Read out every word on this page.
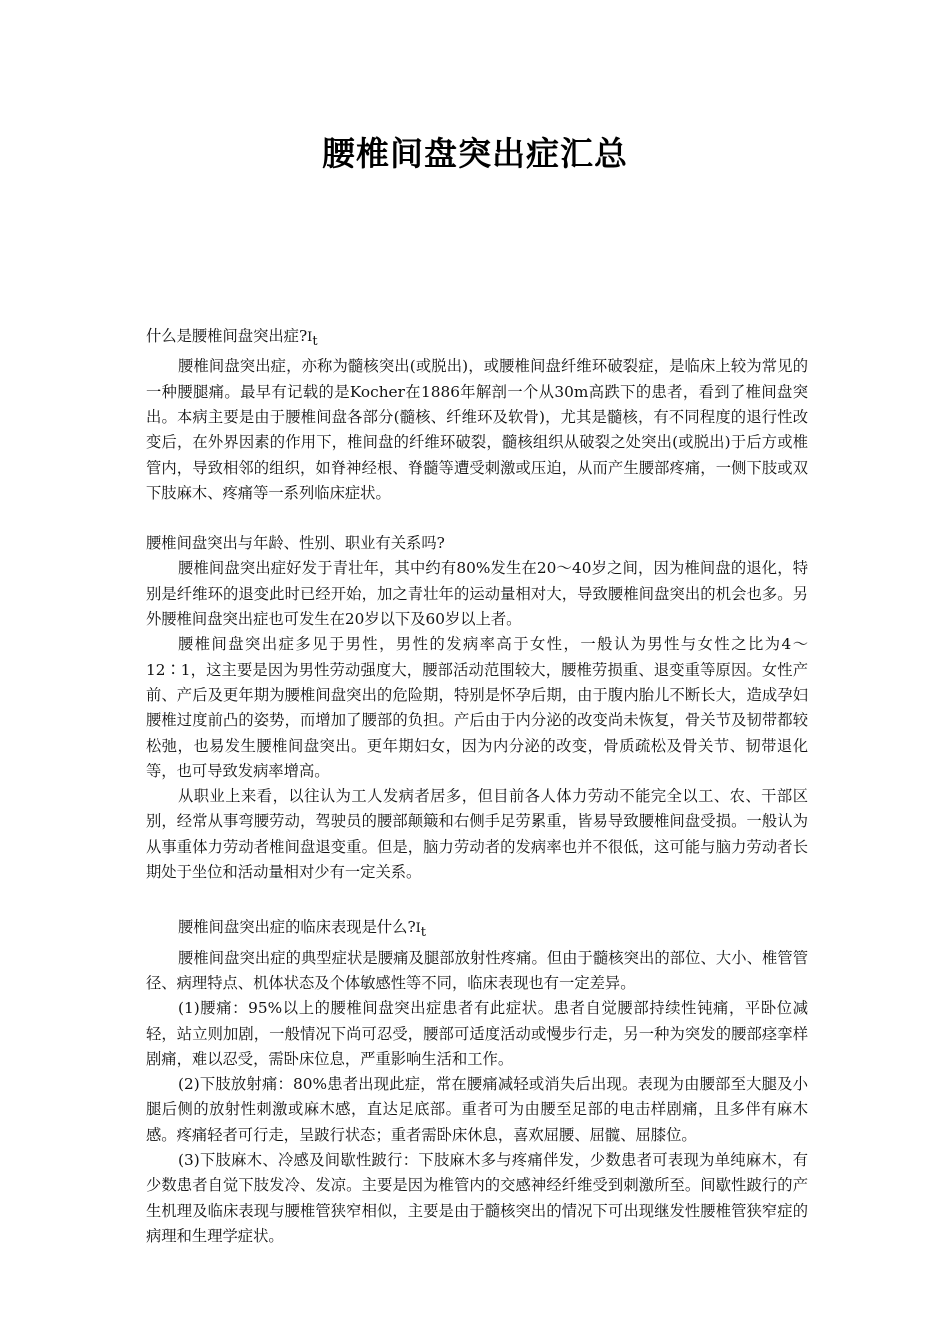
腰椎间盘突出症汇总

什么是腰椎间盘突出症$?I_t$

腰椎间盘突出症，亦称为髓核突出(或脱出)，或腰椎间盘纤维环破裂症，是临床上较为常见的一种腰腿痛。最早有记载的是Kocher在1886年解剖一个从30m高跌下的患者，看到了椎间盘突出。本病主要是由于腰椎间盘各部分(髓核、纤维环及软骨)，尤其是髓核，有不同程度的退行性改变后，在外界因素的作用下，椎间盘的纤维环破裂，髓核组织从破裂之处突出(或脱出)于后方或椎管内，导致相邻的组织，如脊神经根、脊髓等遭受刺激或压迫，从而产生腰部疼痛，一侧下肢或双下肢麻木、疼痛等一系列临床症状。

腰椎间盘突出与年龄、性别、职业有关系吗?

腰椎间盘突出症好发于青壮年，其中约有80%发生在20～40岁之间，因为椎间盘的退化，特别是纤维环的退变此时已经开始，加之青壮年的运动量相对大，导致腰椎间盘突出的机会也多。另外腰椎间盘突出症也可发生在20岁以下及60岁以上者。

腰椎间盘突出症多见于男性，男性的发病率高于女性，一般认为男性与女性之比为4～12∶1，这主要是因为男性劳动强度大，腰部活动范围较大，腰椎劳损重、退变重等原因。女性产前、产后及更年期为腰椎间盘突出的危险期，特别是怀孕后期，由于腹内胎儿不断长大，造成孕妇腰椎过度前凸的姿势，而增加了腰部的负担。产后由于内分泌的改变尚未恢复，骨关节及韧带都较松弛，也易发生腰椎间盘突出。更年期妇女，因为内分泌的改变，骨质疏松及骨关节、韧带退化等，也可导致发病率增高。

从职业上来看，以往认为工人发病者居多，但目前各人体力劳动不能完全以工、农、干部区别，经常从事弯腰劳动，驾驶员的腰部颠簸和右侧手足劳累重，皆易导致腰椎间盘受损。一般认为从事重体力劳动者椎间盘退变重。但是，脑力劳动者的发病率也并不很低，这可能与脑力劳动者长期处于坐位和活动量相对少有一定关系。

腰椎间盘突出症的临床表现是什么$?I_t$

腰椎间盘突出症的典型症状是腰痛及腿部放射性疼痛。但由于髓核突出的部位、大小、椎管管径、病理特点、机体状态及个体敏感性等不同，临床表现也有一定差异。

(1)腰痛：95%以上的腰椎间盘突出症患者有此症状。患者自觉腰部持续性钝痛，平卧位减轻，站立则加剧，一般情况下尚可忍受，腰部可适度活动或慢步行走，另一种为突发的腰部痉挛样剧痛，难以忍受，需卧床位息，严重影响生活和工作。

(2)下肢放射痛：80%患者出现此症，常在腰痛减轻或消失后出现。表现为由腰部至大腿及小腿后侧的放射性刺激或麻木感，直达足底部。重者可为由腰至足部的电击样剧痛，且多伴有麻木感。疼痛轻者可行走，呈跛行状态；重者需卧床休息，喜欢屈腰、屈髋、屈膝位。

(3)下肢麻木、冷感及间歇性跛行：下肢麻木多与疼痛伴发，少数患者可表现为单纯麻木，有少数患者自觉下肢发冷、发凉。主要是因为椎管内的交感神经纤维受到刺激所至。间歇性跛行的产生机理及临床表现与腰椎管狭窄相似，主要是由于髓核突出的情况下可出现继发性腰椎管狭窄症的病理和生理学症状。
